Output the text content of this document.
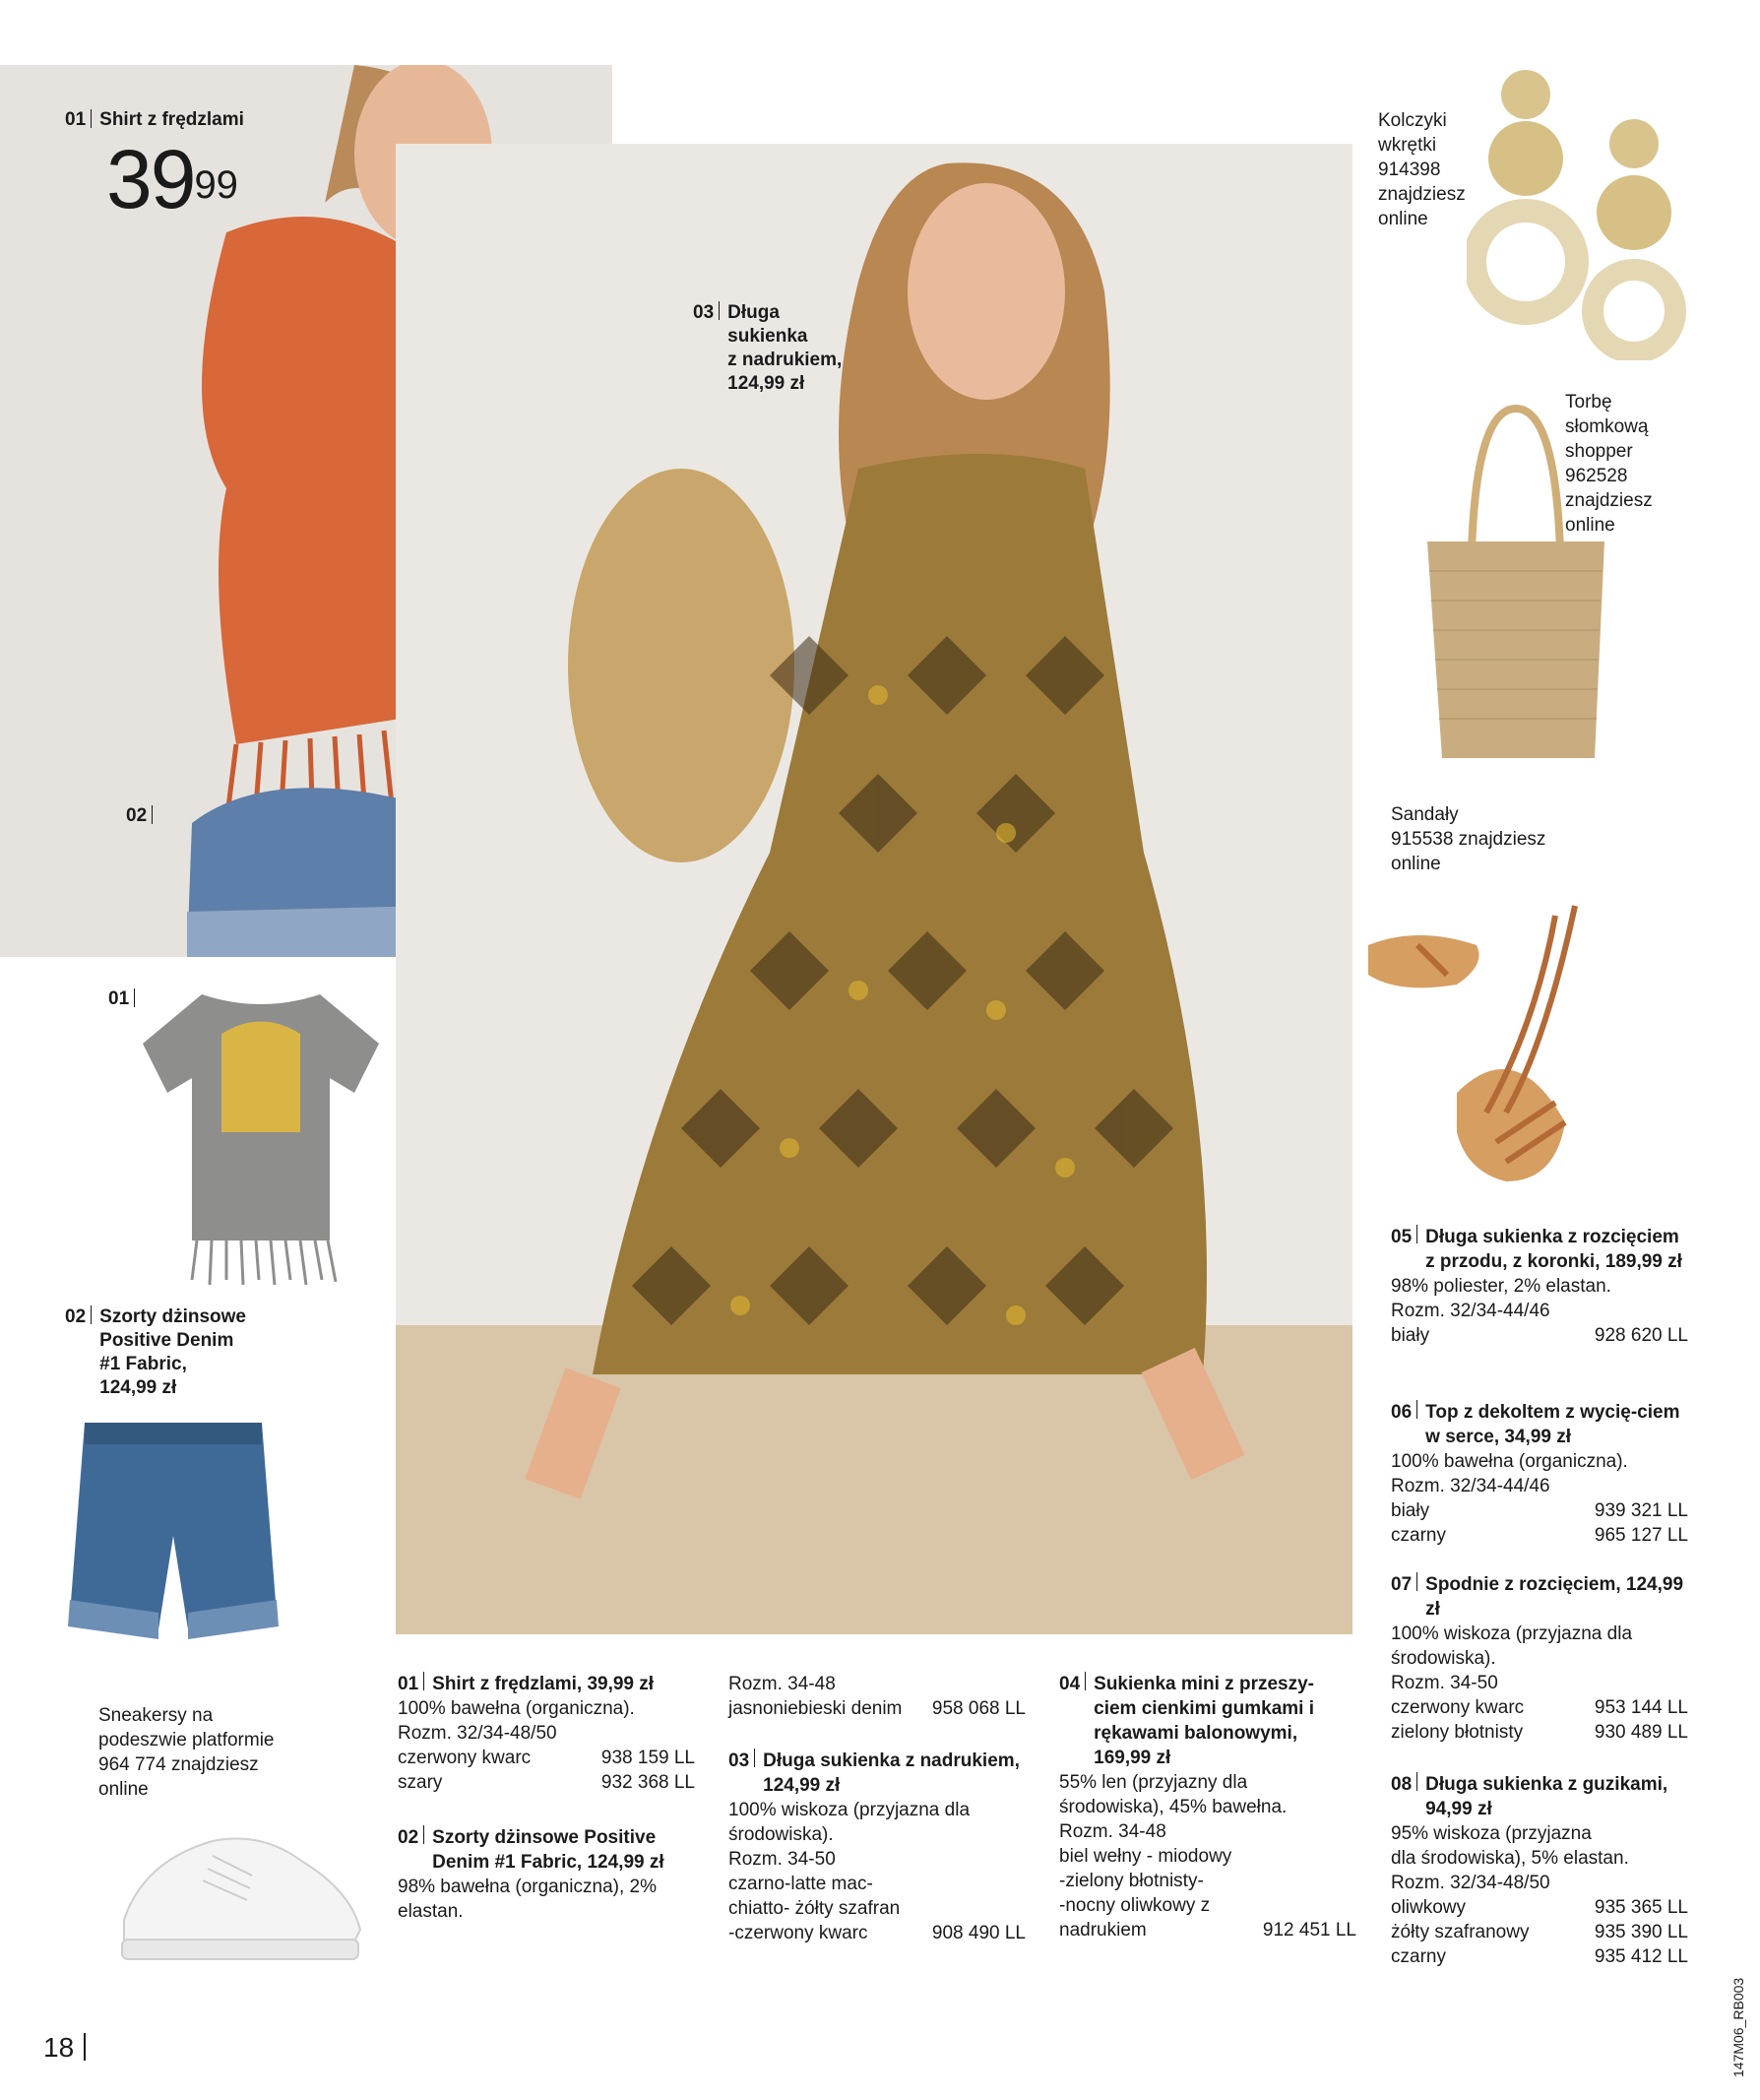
01 Shirt z frędzlami
$39^{99}$
02
03 Długa
sukienka
z nadrukiem,
124,99 zł
01
02 Szorty dżinsowe
Positive Denim
#1 Fabric,
124,99 zł
Sneakersy na
podeszwie platformie
964 774 znajdziesz
online
Kolczyki
wkrętki
914398
znajdziesz
online
Torbę
słomkową
shopper
962528
znajdziesz
online
Sandały
915538 znajdziesz
online
01 Shirt z frędzlami, 39,99 zł
100% bawełna (organiczna).
Rozm. 32/34-48/50
czerwony kwarc	938 159 LL
szary	932 368 LL
02 Szorty dżinsowe Positive Denim #1 Fabric, 124,99 zł
98% bawełna (organiczna), 2%
elastan.
Rozm. 34-48
jasnoniebieski denim	958 068 LL
03 Długa sukienka z nadrukiem, 124,99 zł
100% wiskoza (przyjazna dla
środowiska).
Rozm. 34-50
czarno-latte mac-
chiatto- żółty szafran
-czerwony kwarc	908 490 LL
04 Sukienka mini z przeszy-ciem cienkimi gumkami i rękawami balonowymi, 169,99 zł
55% len (przyjazny dla
środowiska), 45% bawełna.
Rozm. 34-48
biel wełny - miodowy
-zielony błotnisty-
-nocny oliwkowy z
nadrukiem	912 451 LL
05 Długa sukienka z rozcięciem z przodu, z koronki, 189,99 zł
98% poliester, 2% elastan.
Rozm. 32/34-44/46
biały	928 620 LL
06 Top z dekoltem z wycię-ciem w serce, 34,99 zł
100% bawełna (organiczna).
Rozm. 32/34-44/46
biały	939 321 LL
czarny	965 127 LL
07 Spodnie z rozcięciem, 124,99 zł
100% wiskoza (przyjazna dla
środowiska).
Rozm. 34-50
czerwony kwarc	953 144 LL
zielony błotnisty	930 489 LL
08 Długa sukienka z guzikami, 94,99 zł
95% wiskoza (przyjazna
dla środowiska), 5% elastan.
Rozm. 32/34-48/50
oliwkowy	935 365 LL
żółty szafranowy	935 390 LL
czarny	935 412 LL
18	147M06_RB003
